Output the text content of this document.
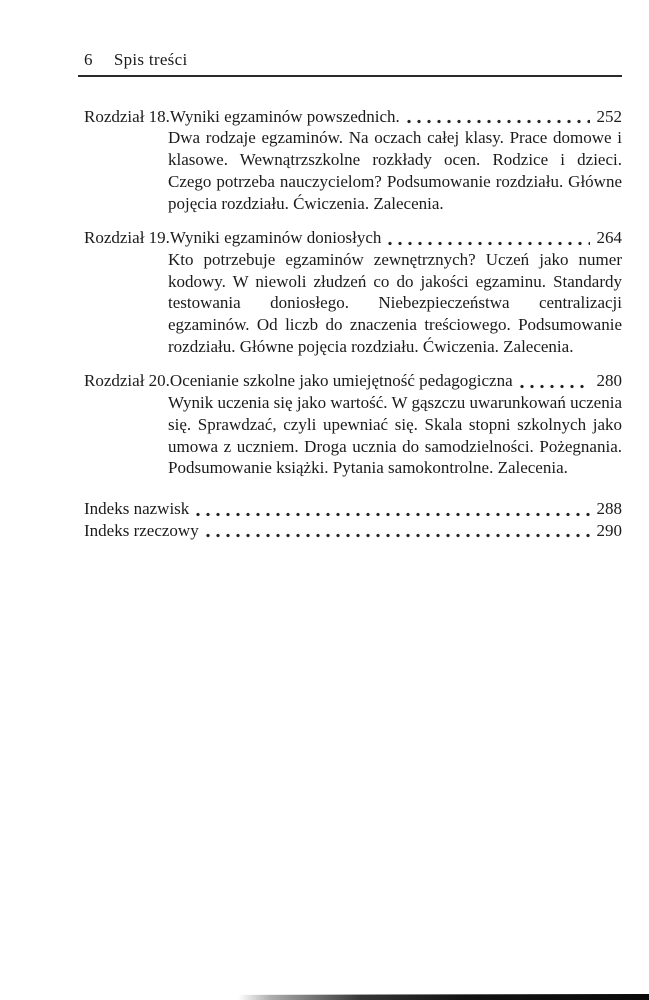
6 Spis treści
Rozdział 18. Wyniki egzaminów powszednich.	252
Dwa rodzaje egzaminów. Na oczach całej klasy. Prace domowe i klasowe. Wewnątrzszkolne rozkłady ocen. Rodzice i dzieci. Czego potrzeba nauczycielom? Podsumowanie rozdziału. Główne pojęcia rozdziału. Ćwiczenia. Zalecenia.
Rozdział 19. Wyniki egzaminów doniosłych	264
Kto potrzebuje egzaminów zewnętrznych? Uczeń jako numer kodowy. W niewoli złudzeń co do jakości egzaminu. Standardy testowania doniosłego. Niebezpieczeństwa centralizacji egzaminów. Od liczb do znaczenia treściowego. Podsumowanie rozdziału. Główne pojęcia rozdziału. Ćwiczenia. Zalecenia.
Rozdział 20. Ocenianie szkolne jako umiejętność pedagogiczna	280
Wynik uczenia się jako wartość. W gąszczu uwarunkowań uczenia się. Sprawdzać, czyli upewniać się. Skala stopni szkolnych jako umowa z uczniem. Droga ucznia do samodzielności. Pożegnania. Podsumowanie książki. Pytania samokontrolne. Zalecenia.
Indeks nazwisk	288
Indeks rzeczowy	290
